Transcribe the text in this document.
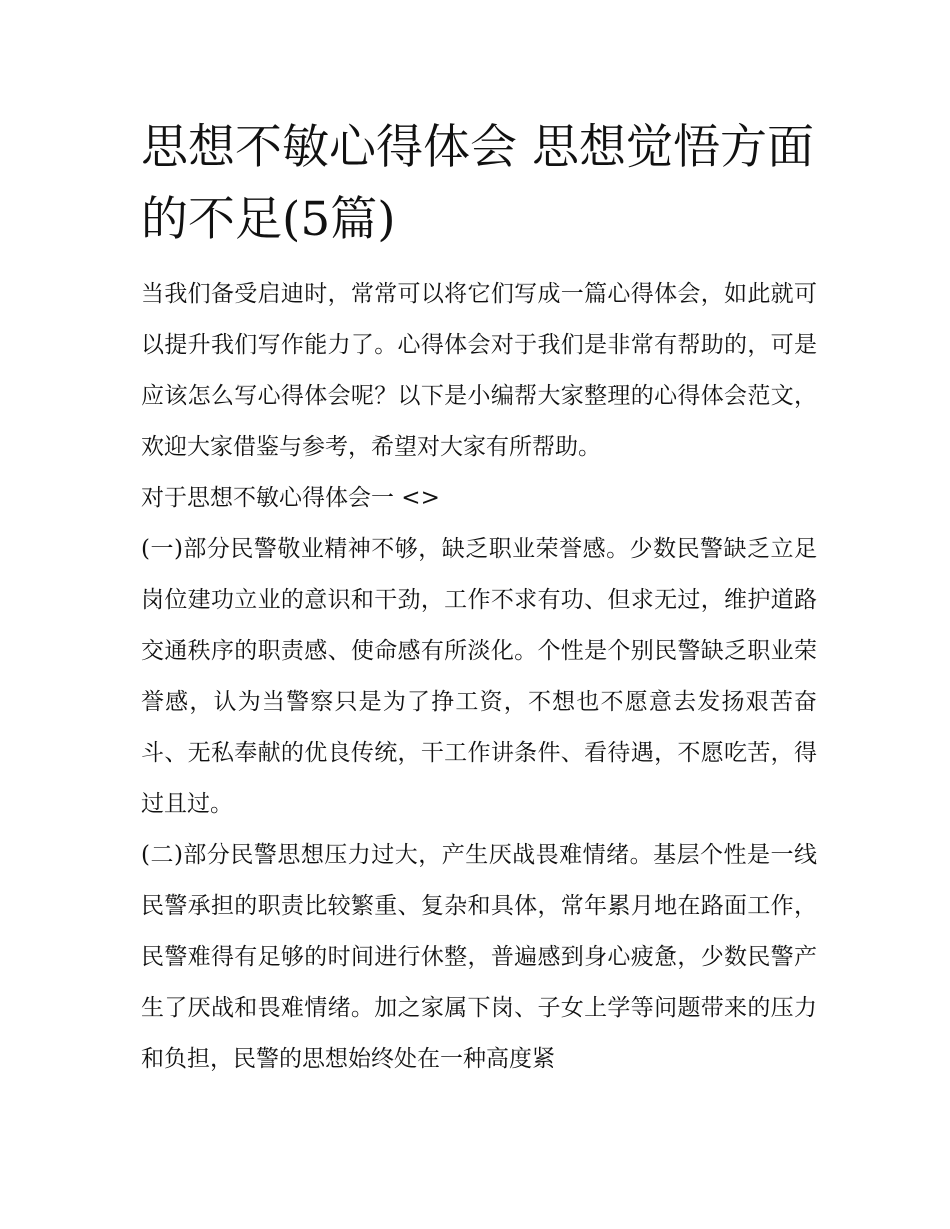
思想不敏心得体会 思想觉悟方面的不足(5篇)

当我们备受启迪时，常常可以将它们写成一篇心得体会，如此就可以提升我们写作能力了。心得体会对于我们是非常有帮助的，可是应该怎么写心得体会呢？以下是小编帮大家整理的心得体会范文，欢迎大家借鉴与参考，希望对大家有所帮助。

对于思想不敏心得体会一 <>

(一)部分民警敬业精神不够，缺乏职业荣誉感。少数民警缺乏立足岗位建功立业的意识和干劲，工作不求有功、但求无过，维护道路交通秩序的职责感、使命感有所淡化。个性是个别民警缺乏职业荣誉感，认为当警察只是为了挣工资，不想也不愿意去发扬艰苦奋斗、无私奉献的优良传统，干工作讲条件、看待遇，不愿吃苦，得过且过。

(二)部分民警思想压力过大，产生厌战畏难情绪。基层个性是一线民警承担的职责比较繁重、复杂和具体，常年累月地在路面工作，民警难得有足够的时间进行休整，普遍感到身心疲惫，少数民警产生了厌战和畏难情绪。加之家属下岗、子女上学等问题带来的压力和负担，民警的思想始终处在一种高度紧
